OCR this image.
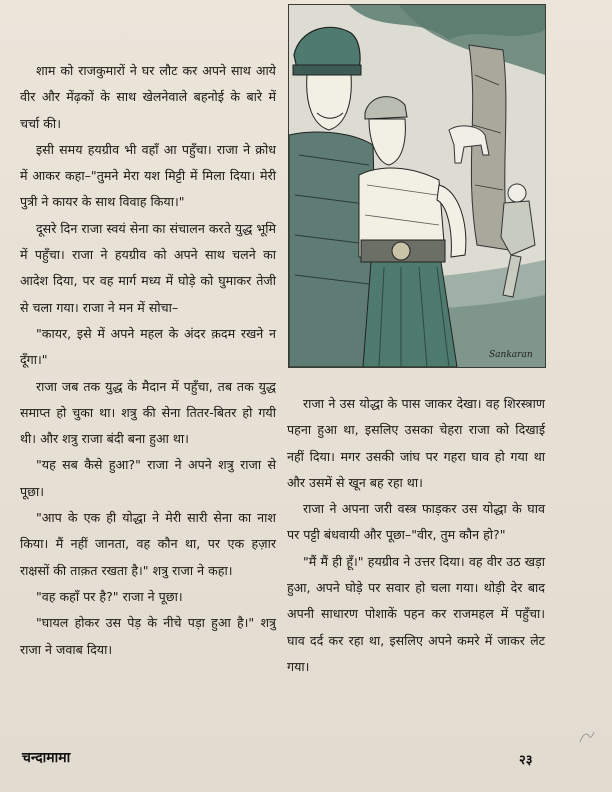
शाम को राजकुमारों ने घर लौट कर अपने साथ आये वीर और मेंढ़कों के साथ खेलनेवाले बहनोई के बारे में चर्चा की।

इसी समय हयग्रीव भी वहाँ आ पहुँचा। राजा ने क्रोध में आकर कहा–"तुमने मेरा यश मिट्टी में मिला दिया। मेरी पुत्री ने कायर के साथ विवाह किया।"

दूसरे दिन राजा स्वयं सेना का संचालन करते युद्ध भूमि में पहुँचा। राजा ने हयग्रीव को अपने साथ चलने का आदेश दिया, पर वह मार्ग मध्य में घोड़े को घुमाकर तेजी से चला गया। राजा ने मन में सोचा–

"कायर, इसे में अपने महल के अंदर क़दम रखने न दूँगा।"

राजा जब तक युद्ध के मैदान में पहुँचा, तब तक युद्ध समाप्त हो चुका था। शत्रु की सेना तितर-बितर हो गयी थी। और शत्रु राजा बंदी बना हुआ था।

"यह सब कैसे हुआ?" राजा ने अपने शत्रु राजा से पूछा।

"आप के एक ही योद्धा ने मेरी सारी सेना का नाश किया। मैं नहीं जानता, वह कौन था, पर एक हज़ार राक्षसों की ताक़त रखता है।" शत्रु राजा ने कहा।

"वह कहाँ पर है?" राजा ने पूछा।

"घायल होकर उस पेड़ के नीचे पड़ा हुआ है।" शत्रु राजा ने जवाब दिया।

Sankaran

राजा ने उस योद्धा के पास जाकर देखा। वह शिरस्त्राण पहना हुआ था, इसलिए उसका चेहरा राजा को दिखाई नहीं दिया। मगर उसकी जांघ पर गहरा घाव हो गया था और उसमें से खून बह रहा था।

राजा ने अपना जरी वस्त्र फाड़कर उस योद्धा के घाव पर पट्टी बंधवायी और पूछा–"वीर, तुम कौन हो?"

"मैं मैं ही हूँ।" हयग्रीव ने उत्तर दिया। वह वीर उठ खड़ा हुआ, अपने घोड़े पर सवार हो चला गया। थोड़ी देर बाद अपनी साधारण पोशाकें पहन कर राजमहल में पहुँचा। घाव दर्द कर रहा था, इसलिए अपने कमरे में जाकर लेट गया।

चन्दामामा	२३
